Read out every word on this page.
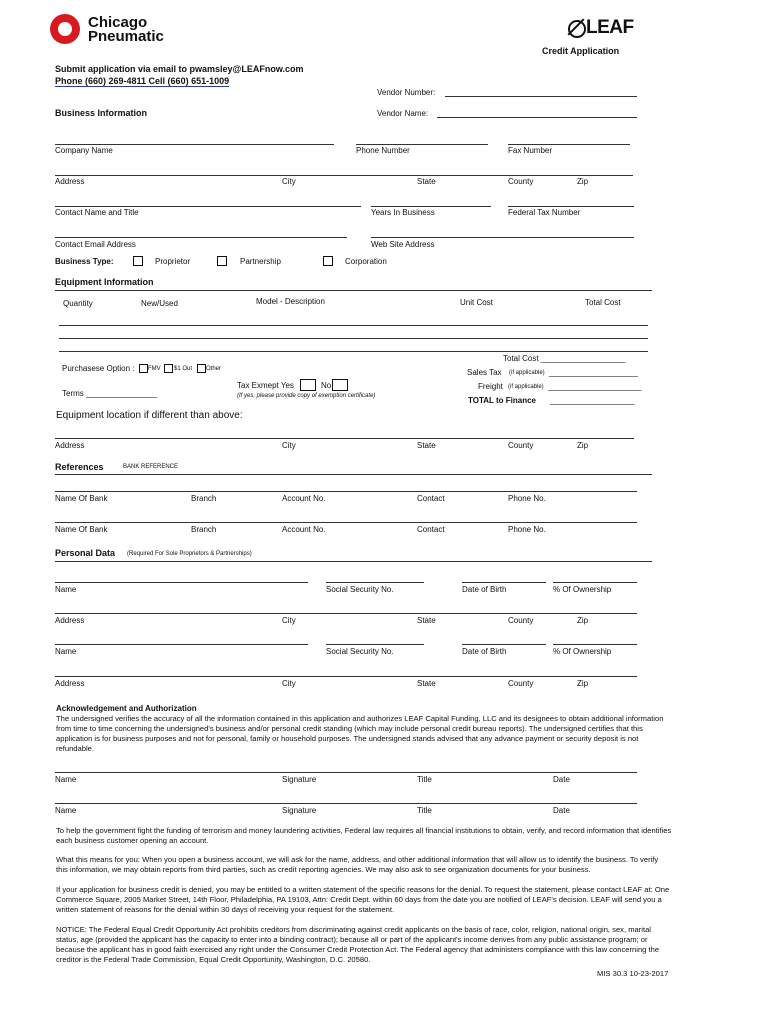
Chicago
Pneumatic	LEAF
Credit Application
Submit application via email to pwamsley@LEAFnow.com
Phone (660) 269-4811 Cell (660) 651-1009
Vendor Number:
Vendor Name:
Business Information
Company Name	Phone Number	Fax Number
Address	City	State	County	Zip
Contact Name and Title	Years In Business	Federal Tax Number
Contact Email Address	Web Site Address
Business Type:	Proprietor	Partnership	Corporation
Equipment Information
Quantity	New/Used	Model - Description	Unit Cost	Total Cost
Purchasese Option : FMV $1 Out Other
Terms ________________
Tax Exmept Yes	No
(If yes, please provide copy of exemption certificate)
Total Cost ___________________
Sales Tax (if applicable) ____________________
Freight (if applicable) _____________________
TOTAL to Finance ___________________
Equipment location if different than above:
Address	City	State	County	Zip
References	BANK REFERENCE
Name Of Bank	Branch	Account No.	Contact	Phone No.
Name Of Bank	Branch	Account No.	Contact	Phone No.
Personal Data (Required For Sole Proprietors & Partnerships)
Name	Social Security No.	Date of Birth	% Of Ownership
Address	City	State	County	Zip
Name	Social Security No.	Date of Birth	% Of Ownership
Address	City	State	County	Zip
Acknowledgement and Authorization
The undersigned verifies the accuracy of all the information contained in this application and authorizes LEAF Capital Funding, LLC and its designees to obtain additional information from time to time concerning the undersigned's business and/or personal credit standing (which may include personal credit bureau reports). The undersigned certifies that this application is for business purposes and not for personal, family or household purposes. The undersigned stands advised that any advance payment or security deposit is not refundable.
Name	Signature	Title	Date
Name	Signature	Title	Date
To help the government fight the funding of terrorism and money laundering activities, Federal law requires all financial institutions to obtain, verify, and record information that identifies each business customer opening an account.
What this means for you: When you open a business account, we will ask for the name, address, and other additional information that will allow us to identify the business. To verify this information, we may obtain reports from third parties, such as credit reporting agencies. We may also ask to see organization documents for your business.
If your application for business credit is denied, you may be entitled to a written statement of the specific reasons for the denial. To request the statement, please contact LEAF at: One Commerce Square, 2005 Market Street, 14th Floor, Philadelphia, PA 19103, Attn: Credit Dept. within 60 days from the date you are notified of LEAF's decision. LEAF will send you a written statement of reasons for the denial within 30 days of receiving your request for the statement.
NOTICE: The Federal Equal Credit Opportunity Act prohibits creditors from discriminating against credit applicants on the basis of race, color, religion, national origin, sex, marital status, age (provided the applicant has the capacity to enter into a binding contract); because all or part of the applicant's income derives from any public assistance program; or because the applicant has in good faith exercised any right under the Consumer Credit Protection Act. The Federal agency that administers compliance with this law concerning the creditor is the Federal Trade Commission, Equal Credit Opportunity, Washington, D.C. 20580.
MIS 30.3 10-23-2017
